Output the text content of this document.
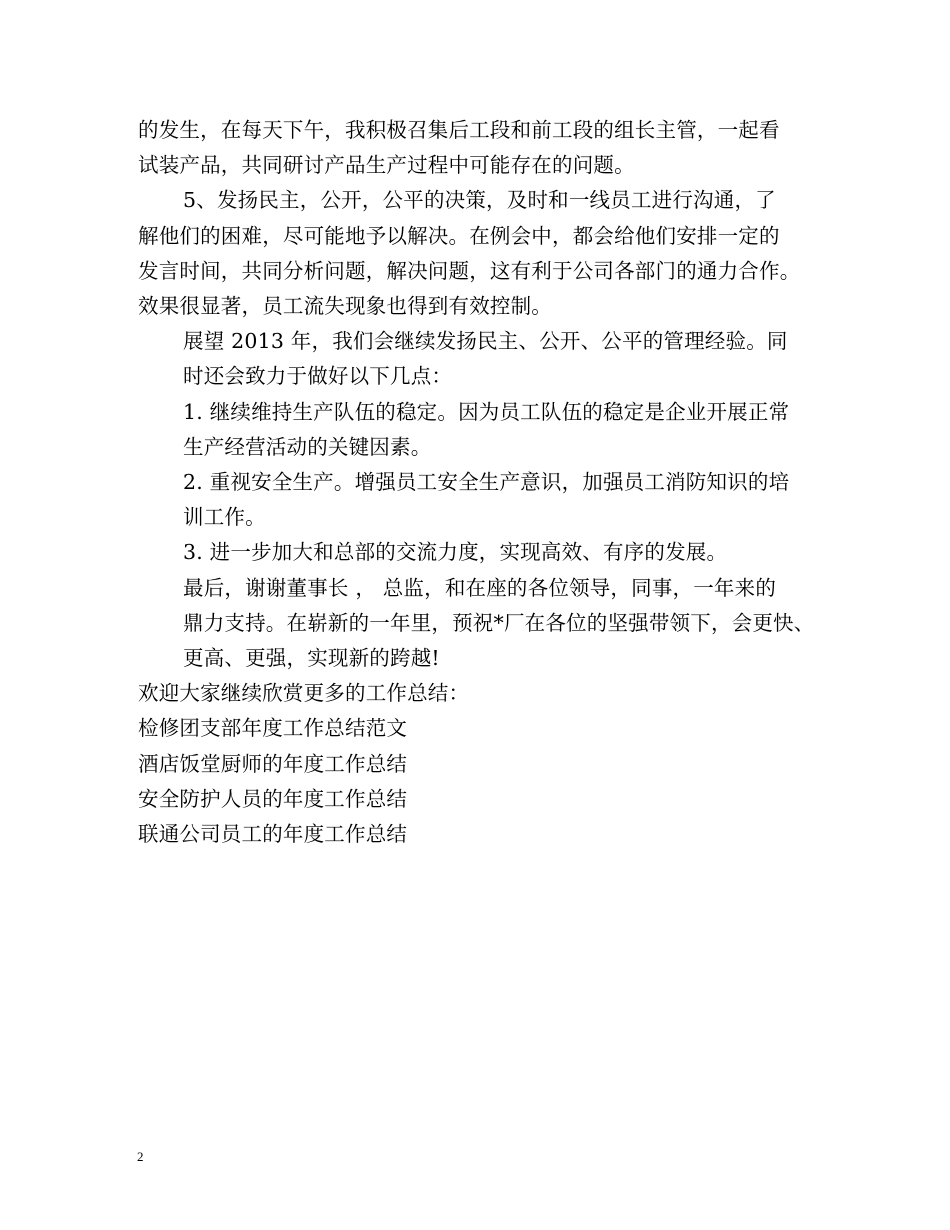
的发生，在每天下午，我积极召集后工段和前工段的组长主管，一起看
试装产品，共同研讨产品生产过程中可能存在的问题。

5、发扬民主，公开，公平的决策，及时和一线员工进行沟通，了
解他们的困难，尽可能地予以解决。在例会中，都会给他们安排一定的
发言时间，共同分析问题，解决问题，这有利于公司各部门的通力合作。
效果很显著，员工流失现象也得到有效控制。

展望 2013 年，我们会继续发扬民主、公开、公平的管理经验。同
时还会致力于做好以下几点：

1. 继续维持生产队伍的稳定。因为员工队伍的稳定是企业开展正常
生产经营活动的关键因素。

2. 重视安全生产。增强员工安全生产意识，加强员工消防知识的培
训工作。

3. 进一步加大和总部的交流力度，实现高效、有序的发展。

最后，谢谢董事长 ， 总监，和在座的各位领导，同事，一年来的
鼎力支持。在崭新的一年里，预祝*厂在各位的坚强带领下，会更快、
更高、更强，实现新的跨越!

欢迎大家继续欣赏更多的工作总结：

检修团支部年度工作总结范文
酒店饭堂厨师的年度工作总结
安全防护人员的年度工作总结
联通公司员工的年度工作总结
2
